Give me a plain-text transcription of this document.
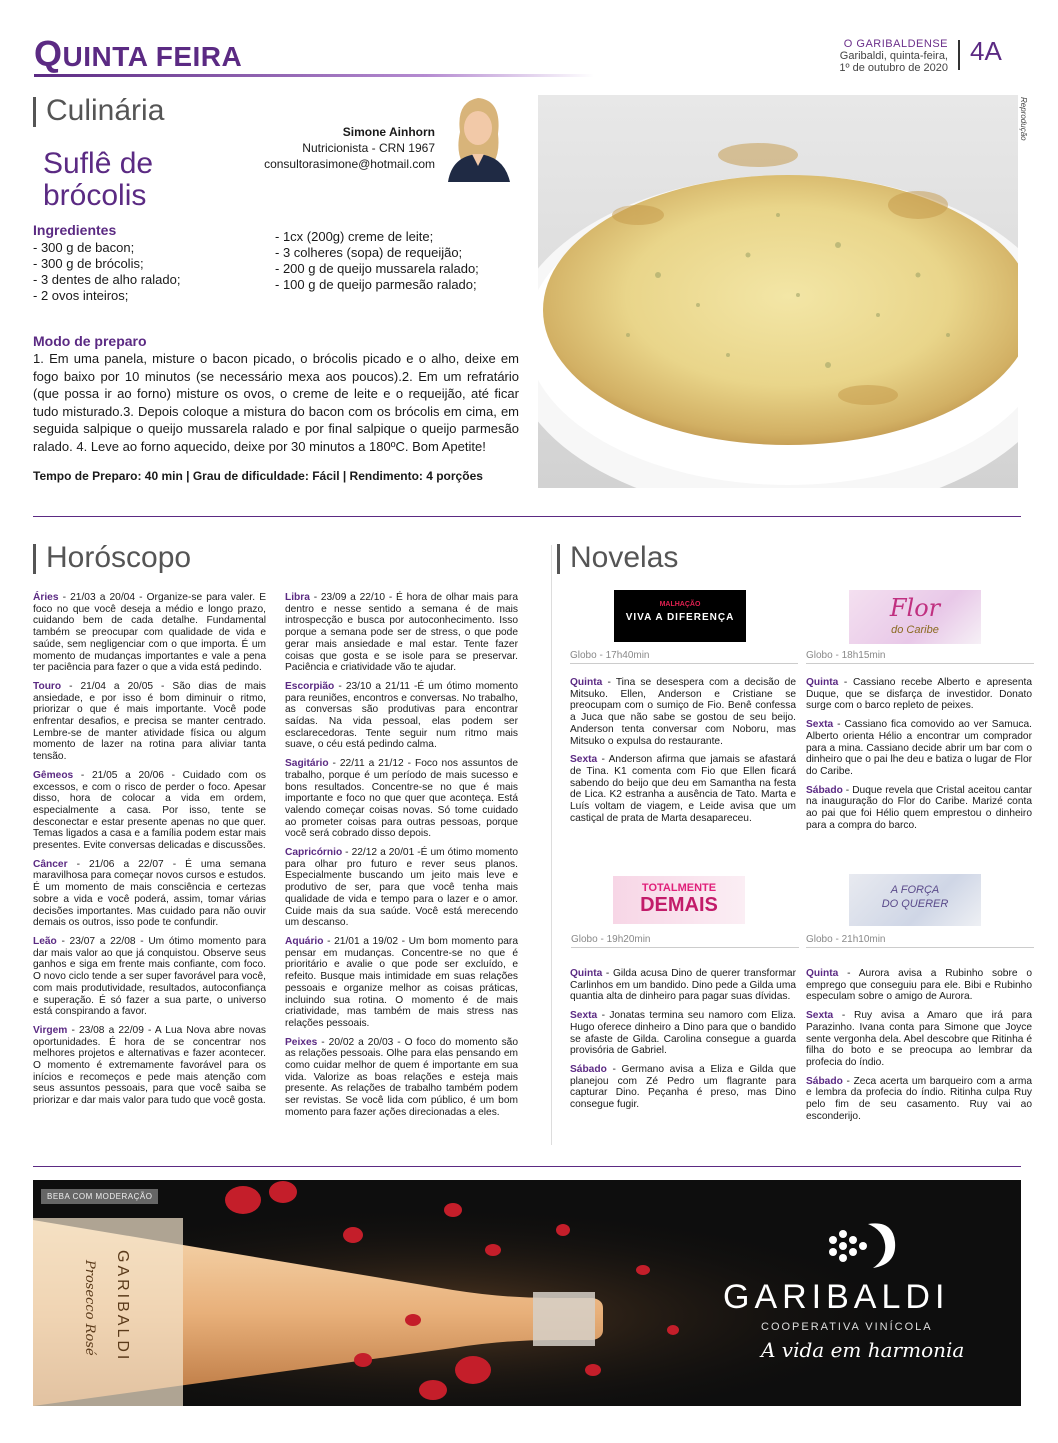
QUINTA FEIRA	O GARIBALDENSE
Garibaldi, quinta-feira,
1º de outubro de 2020
4A
Culinária
Suflê de
brócolis
Simone Ainhorn
Nutricionista - CRN 1967
consultorasimone@hotmail.com
Ingredientes
- 300 g de bacon;
- 300 g de brócolis;
- 3 dentes de alho ralado;
- 2 ovos inteiros;
- 1cx (200g) creme de leite;
- 3 colheres (sopa) de requeijão;
- 200 g de queijo mussarela ralado;
- 100 g de queijo parmesão ralado;
Modo de preparo
1. Em uma panela, misture o bacon picado, o brócolis picado e o alho, deixe em fogo baixo por 10 minutos (se necessário mexa aos poucos).2. Em um refratário (que possa ir ao forno) misture os ovos, o creme de leite e o requeijão, até ficar tudo misturado.3. Depois coloque a mistura do bacon com os brócolis em cima, em seguida salpique o queijo mussarela ralado e por final salpique o queijo parmesão ralado. 4. Leve ao forno aquecido, deixe por 30 minutos a 180ºC. Bom Apetite!
Tempo de Preparo: 40 min | Grau de dificuldade: Fácil | Rendimento: 4 porções
Reprodução
Horóscopo

Áries - 21/03 a 20/04 - Organize-se para valer. E foco no que você deseja a médio e longo prazo, cuidando bem de cada detalhe. Fundamental também se preocupar com qualidade de vida e saúde, sem negligenciar com o que importa. É um momento de mudanças importantes e vale a pena ter paciência para fazer o que a vida está pedindo.

Touro - 21/04 a 20/05 - São dias de mais ansiedade, e por isso é bom diminuir o ritmo, priorizar o que é mais importante. Você pode enfrentar desafios, e precisa se manter centrado. Lembre-se de manter atividade física ou algum momento de lazer na rotina para aliviar tanta tensão.

Gêmeos - 21/05 a 20/06 - Cuidado com os excessos, e com o risco de perder o foco. Apesar disso, hora de colocar a vida em ordem, especialmente a casa. Por isso, tente se desconectar e estar presente apenas no que quer. Temas ligados a casa e a família podem estar mais presentes. Evite conversas delicadas e discussões.

Câncer - 21/06 a 22/07 - É uma semana maravilhosa para começar novos cursos e estudos. É um momento de mais consciência e certezas sobre a vida e você poderá, assim, tomar várias decisões importantes. Mas cuidado para não ouvir demais os outros, isso pode te confundir.

Leão - 23/07 a 22/08 - Um ótimo momento para dar mais valor ao que já conquistou. Observe seus ganhos e siga em frente mais confiante, com foco. O novo ciclo tende a ser super favorável para você, com mais produtividade, resultados, autoconfiança e superação. É só fazer a sua parte, o universo está conspirando a favor.

Virgem - 23/08 a 22/09 - A Lua Nova abre novas oportunidades. É hora de se concentrar nos melhores projetos e alternativas e fazer acontecer. O momento é extremamente favorável para os inícios e recomeços e pede mais atenção com seus assuntos pessoais, para que você saiba se priorizar e dar mais valor para tudo que você gosta.

Libra - 23/09 a 22/10 - É hora de olhar mais para dentro e nesse sentido a semana é de mais introspecção e busca por autoconhecimento. Isso porque a semana pode ser de stress, o que pode gerar mais ansiedade e mal estar. Tente fazer coisas que gosta e se isole para se preservar. Paciência e criatividade vão te ajudar.

Escorpião - 23/10 a 21/11 -É um ótimo momento para reuniões, encontros e conversas. No trabalho, as conversas são produtivas para encontrar saídas. Na vida pessoal, elas podem ser esclarecedoras. Tente seguir num ritmo mais suave, o céu está pedindo calma.

Sagitário - 22/11 a 21/12 - Foco nos assuntos de trabalho, porque é um período de mais sucesso e bons resultados. Concentre-se no que é mais importante e foco no que quer que aconteça. Está valendo começar coisas novas. Só tome cuidado ao prometer coisas para outras pessoas, porque você será cobrado disso depois.

Capricórnio - 22/12 a 20/01 -É um ótimo momento para olhar pro futuro e rever seus planos. Especialmente buscando um jeito mais leve e produtivo de ser, para que você tenha mais qualidade de vida e tempo para o lazer e o amor. Cuide mais da sua saúde. Você está merecendo um descanso.

Aquário - 21/01 a 19/02 - Um bom momento para pensar em mudanças. Concentre-se no que é prioritário e avalie o que pode ser excluído, e refeito. Busque mais intimidade em suas relações pessoais e organize melhor as coisas práticas, incluindo sua rotina. O momento é de mais criatividade, mas também de mais stress nas relações pessoais.

Peixes - 20/02 a 20/03 - O foco do momento são as relações pessoais. Olhe para elas pensando em como cuidar melhor de quem é importante em sua vida. Valorize as boas relações e esteja mais presente. As relações de trabalho também podem ser revistas. Se você lida com público, é um bom momento para fazer ações direcionadas a eles.

Novelas
MALHAÇÃO
VIVA A DIFERENÇA
Globo - 17h40min

Quinta - Tina se desespera com a decisão de Mitsuko. Ellen, Anderson e Cristiane se preocupam com o sumiço de Fio. Benê confessa a Juca que não sabe se gostou de seu beijo. Anderson tenta conversar com Noboru, mas Mitsuko o expulsa do restaurante.

Sexta - Anderson afirma que jamais se afastará de Tina. K1 comenta com Fio que Ellen ficará sabendo do beijo que deu em Samantha na festa de Lica. K2 estranha a ausência de Tato. Marta e Luís voltam de viagem, e Leide avisa que um castiçal de prata de Marta desapareceu.

Flor
do Caribe
Globo - 18h15min

Quinta - Cassiano recebe Alberto e apresenta Duque, que se disfarça de investidor. Donato surge com o barco repleto de peixes.

Sexta - Cassiano fica comovido ao ver Samuca. Alberto orienta Hélio a encontrar um comprador para a mina. Cassiano decide abrir um bar com o dinheiro que o pai lhe deu e batiza o lugar de Flor do Caribe.

Sábado - Duque revela que Cristal aceitou cantar na inauguração do Flor do Caribe. Marizé conta ao pai que foi Hélio quem emprestou o dinheiro para a compra do barco.

TOTALMENTE
DEMAIS
Globo - 19h20min

Quinta - Gilda acusa Dino de querer transformar Carlinhos em um bandido. Dino pede a Gilda uma quantia alta de dinheiro para pagar suas dívidas.

Sexta - Jonatas termina seu namoro com Eliza. Hugo oferece dinheiro a Dino para que o bandido se afaste de Gilda. Carolina consegue a guarda provisória de Gabriel.

Sábado - Germano avisa a Eliza e Gilda que planejou com Zé Pedro um flagrante para capturar Dino. Peçanha é preso, mas Dino consegue fugir.

A FORÇA
DO QUERER
Globo - 21h10min

Quinta - Aurora avisa a Rubinho sobre o emprego que conseguiu para ele. Bibi e Rubinho especulam sobre o amigo de Aurora.

Sexta - Ruy avisa a Amaro que irá para Parazinho. Ivana conta para Simone que Joyce sente vergonha dela. Abel descobre que Ritinha é filha do boto e se preocupa ao lembrar da profecia do índio.

Sábado - Zeca acerta um barqueiro com a arma e lembra da profecia do índio. Ritinha culpa Ruy pelo fim de seu casamento. Ruy vai ao esconderijo.

BEBA COM MODERAÇÃO
GARIBALDI
Prosecco Rosé	GARIBALDI
COOPERATIVA VINÍCOLA
A vida em harmonia
